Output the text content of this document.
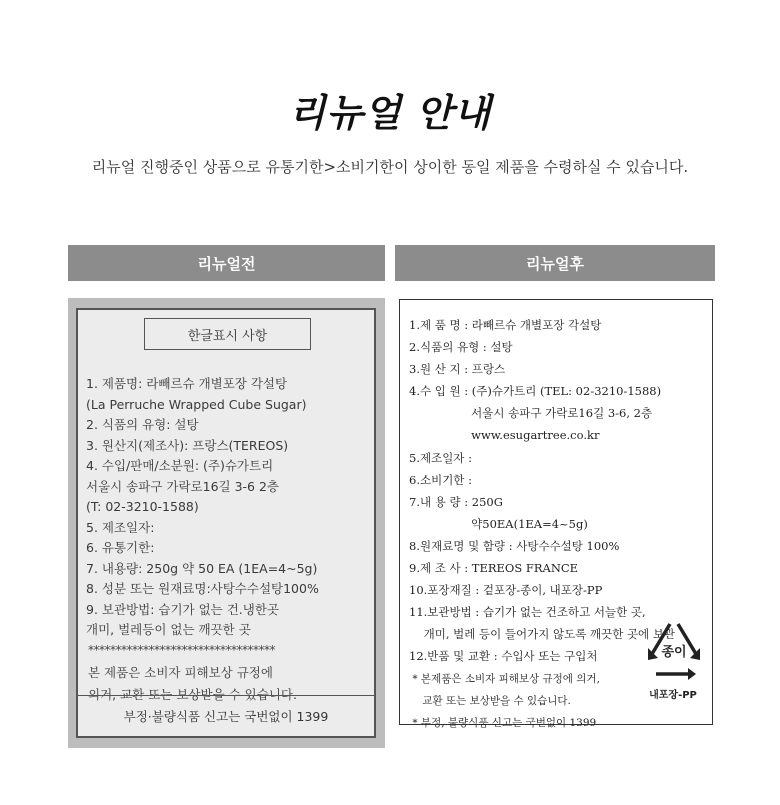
리뉴얼 안내
리뉴얼 진행중인 상품으로 유통기한>소비기한이 상이한 동일 제품을 수령하실 수 있습니다.
리뉴얼전	리뉴얼후
한글표시 사항
1. 제품명: 라빼르슈 개별포장 각설탕
(La Perruche Wrapped Cube Sugar)
2. 식품의 유형: 설탕
3. 원산지(제조사): 프랑스(TEREOS)
4. 수입/판매/소분원: (주)슈가트리
서울시 송파구 가락로16길 3-6 2층
(T: 02-3210-1588)
5. 제조일자:
6. 유통기한:
7. 내용량: 250g 약 50 EA (1EA=4~5g)
8. 성분 또는 원재료명:사탕수수설탕100%
9. 보관방법: 습기가 없는 건.냉한곳
개미, 벌레등이 없는 깨끗한 곳
**********************************
본 제품은 소비자 피해보상 규정에
의거, 교환 또는 보상받을 수 있습니다.
부정·불량식품 신고는 국번없이 1399
1.제 품 명 : 라빼르슈 개별포장 각설탕
2.식품의 유형 : 설탕
3.원 산 지 : 프랑스
4.수 입 원 : (주)슈가트리 (TEL: 02-3210-1588)
서울시 송파구 가락로16길 3-6, 2층
www.esugartree.co.kr
5.제조일자 :
6.소비기한 :
7.내 용 량 : 250G
약50EA(1EA=4~5g)
8.원재료명 및 함량 : 사탕수수설탕 100%
9.제 조 사 : TEREOS FRANCE
10.포장재질 : 겉포장-종이, 내포장-PP
11.보관방법 : 습기가 없는 건조하고 서늘한 곳,
개미, 벌레 등이 들어가지 않도록 깨끗한 곳에 보관
12.반품 및 교환 : 수입사 또는 구입처
* 본제품은 소비자 피해보상 규정에 의거,
교환 또는 보상받을 수 있습니다.
* 부정, 불량식품 신고는 국번없이 1399
종이
내포장-PP
